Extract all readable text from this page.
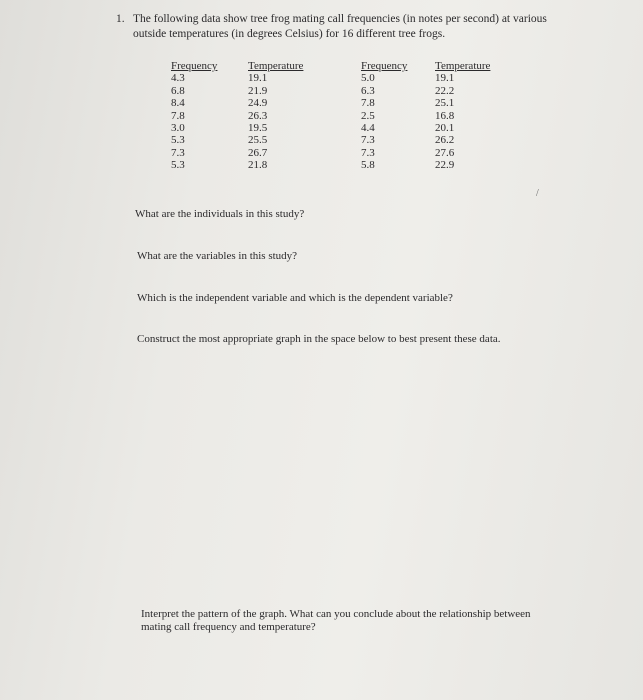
1. The following data show tree frog mating call frequencies (in notes per second) at various outside temperatures (in degrees Celsius) for 16 different tree frogs.
Frequency	Temperature
4.3	19.1
6.8	21.9
8.4	24.9
7.8	26.3
3.0	19.5
5.3	25.5
7.3	26.7
5.3	21.8
Frequency	Temperature
5.0	19.1
6.3	22.2
7.8	25.1
2.5	16.8
4.4	20.1
7.3	26.2
7.3	27.6
5.8	22.9
What are the individuals in this study?
What are the variables in this study?
Which is the independent variable and which is the dependent variable?
Construct the most appropriate graph in the space below to best present these data.
Interpret the pattern of the graph. What can you conclude about the relationship between mating call frequency and temperature?
/
